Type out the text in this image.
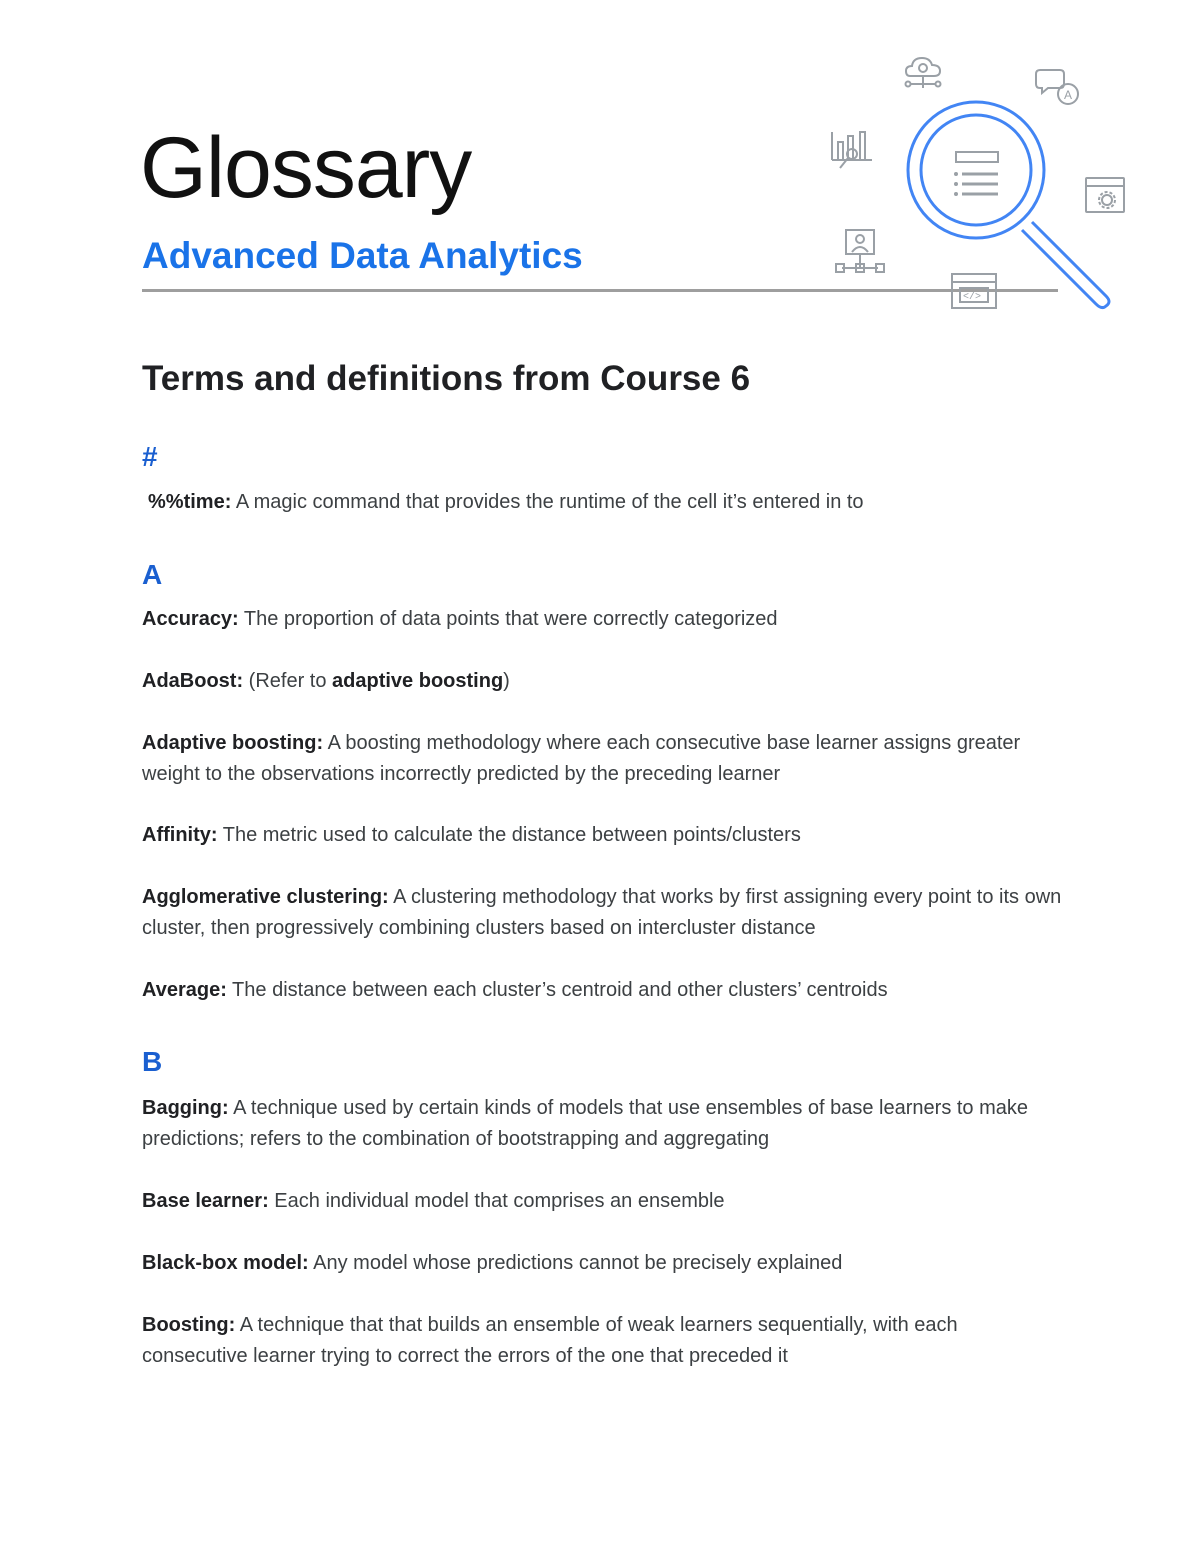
Glossary
Advanced Data Analytics
A
</>
Terms and definitions from Course 6
#

%%time: A magic command that provides the runtime of the cell it’s entered in to

A

Accuracy: The proportion of data points that were correctly categorized

AdaBoost: (Refer to adaptive boosting)

Adaptive boosting: A boosting methodology where each consecutive base learner assigns greater weight to the observations incorrectly predicted by the preceding learner

Affinity: The metric used to calculate the distance between points/clusters

Agglomerative clustering: A clustering methodology that works by first assigning every point to its own cluster, then progressively combining clusters based on intercluster distance

Average: The distance between each cluster’s centroid and other clusters’ centroids

B

Bagging: A technique used by certain kinds of models that use ensembles of base learners to make predictions; refers to the combination of bootstrapping and aggregating

Base learner: Each individual model that comprises an ensemble

Black-box model: Any model whose predictions cannot be precisely explained

Boosting: A technique that that builds an ensemble of weak learners sequentially, with each consecutive learner trying to correct the errors of the one that preceded it
